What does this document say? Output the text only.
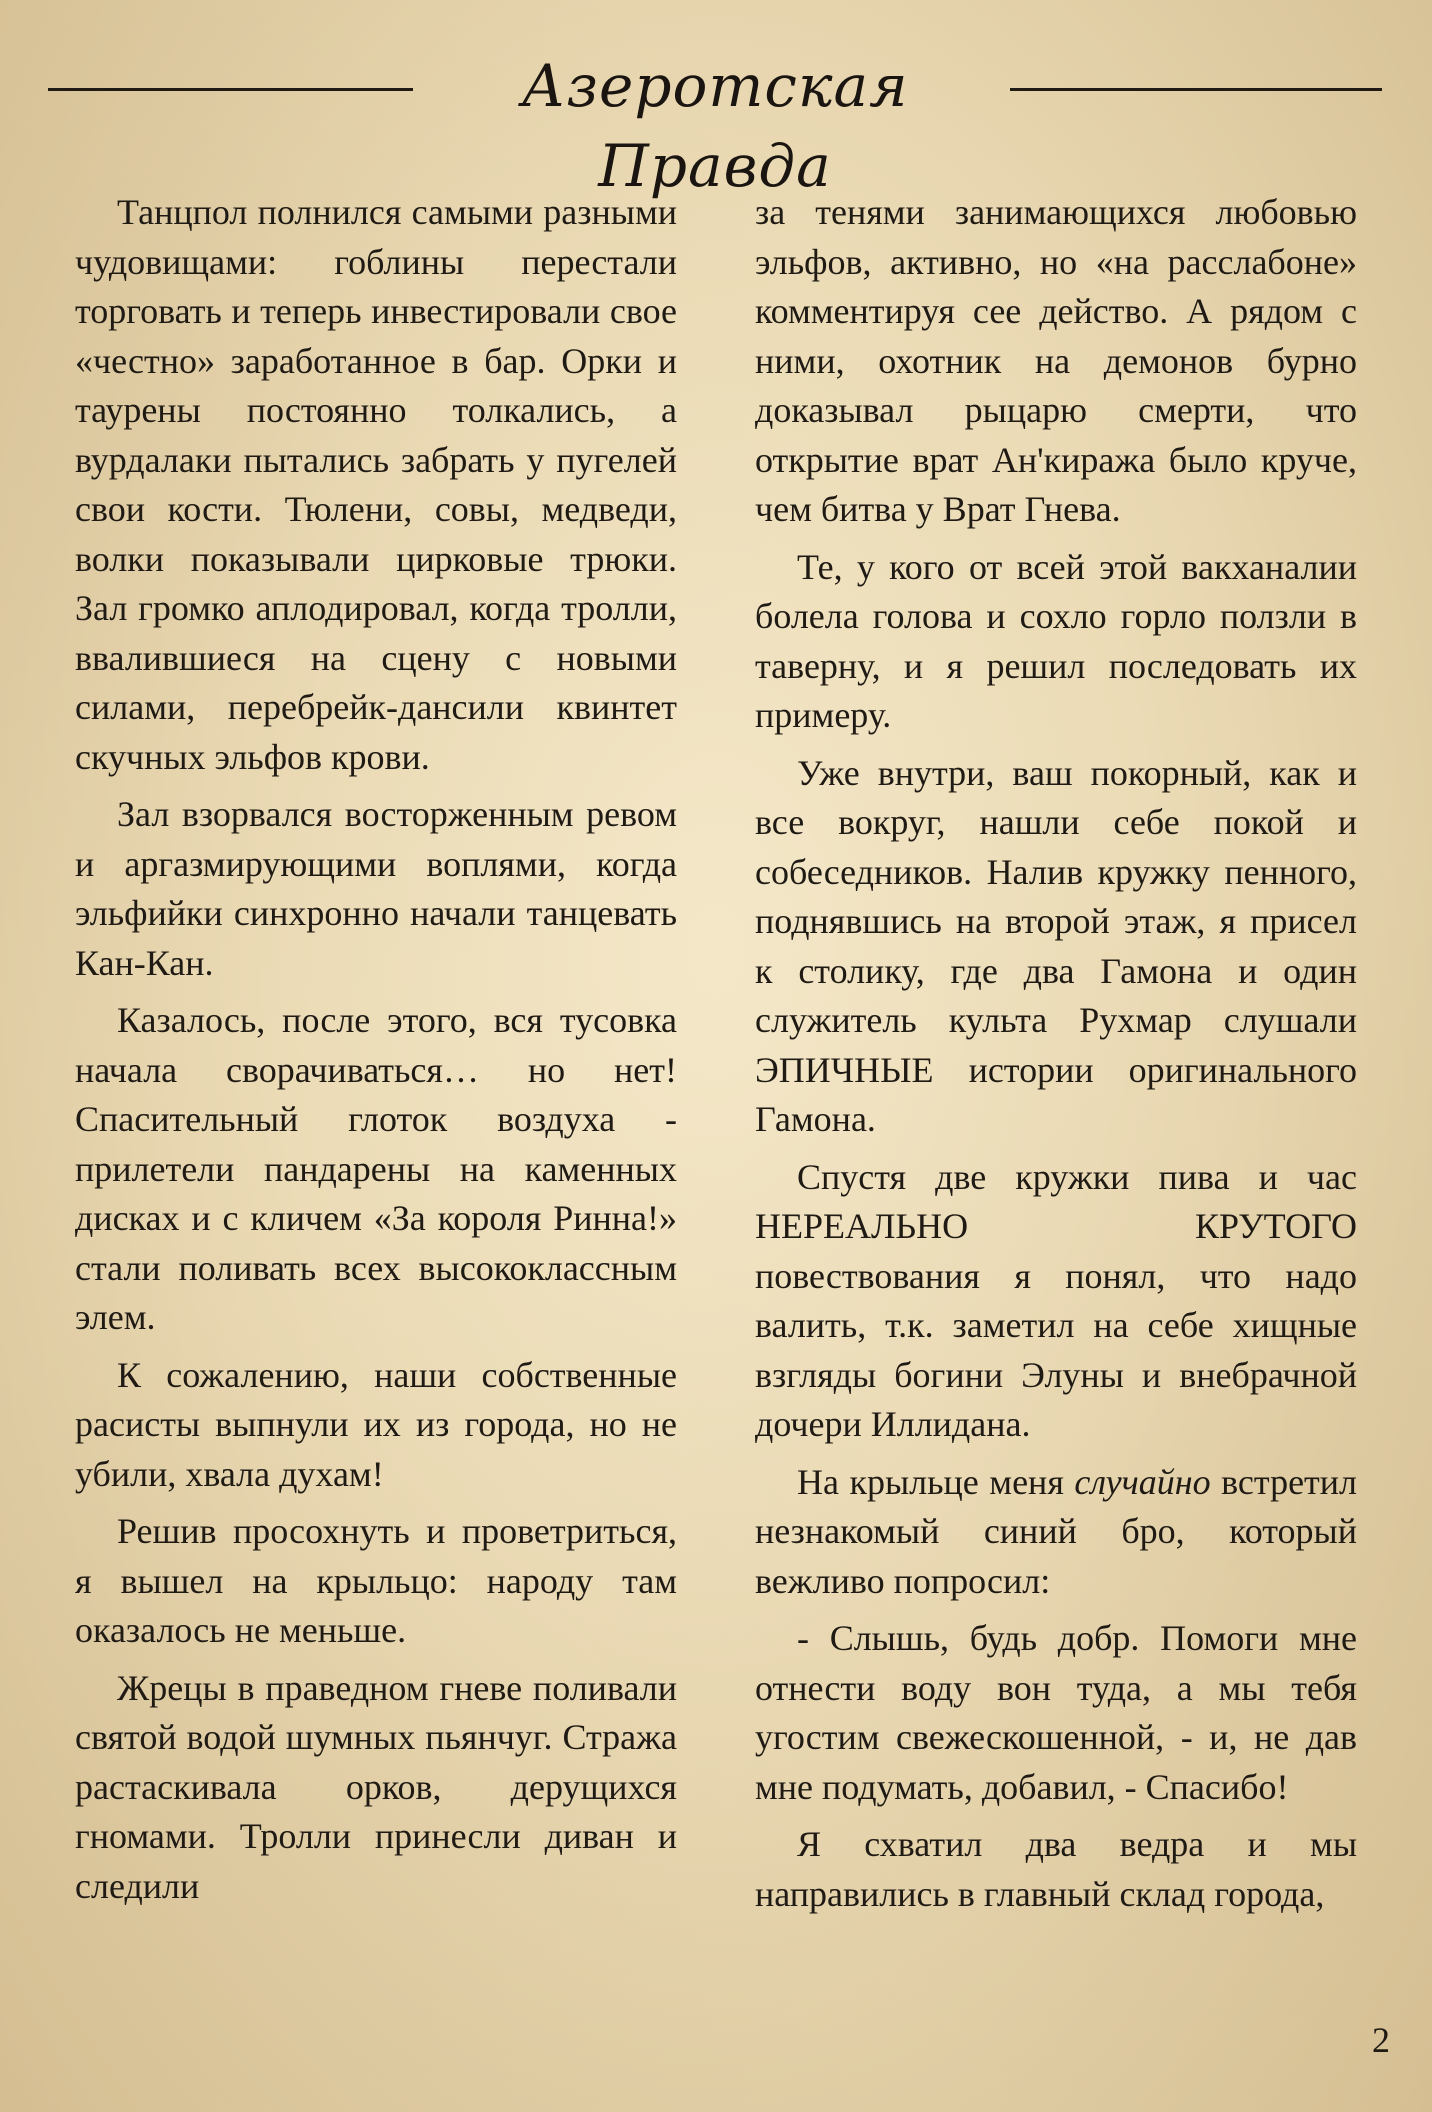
Азеротская Правда

Танцпол полнился самыми разными чудовищами: гоблины перестали торговать и теперь инвестировали свое «честно» заработанное в бар. Орки и таурены постоянно толкались, а вурдалаки пытались забрать у пугелей свои кости. Тюлени, совы, медведи, волки показывали цирковые трюки. Зал громко аплодировал, когда тролли, ввалившиеся на сцену с новыми силами, перебрейк-дансили квинтет скучных эльфов крови.

Зал взорвался восторженным ревом и аргазмирующими воплями, когда эльфийки синхронно начали танцевать Кан-Кан.

Казалось, после этого, вся тусовка начала сворачиваться… но нет! Спасительный глоток воздуха - прилетели пандарены на каменных дисках и с кличем «За короля Ринна!» стали поливать всех высококлассным элем.

К сожалению, наши собственные расисты выпнули их из города, но не убили, хвала духам!

Решив просохнуть и проветриться, я вышел на крыльцо: народу там оказалось не меньше.

Жрецы в праведном гневе поливали святой водой шумных пьянчуг. Стража растаскивала орков, дерущихся гномами. Тролли принесли диван и следили

за тенями занимающихся любовью эльфов, активно, но «на расслабоне» комментируя сее действо. А рядом с ними, охотник на демонов бурно доказывал рыцарю смерти, что открытие врат Ан'киража было круче, чем битва у Врат Гнева.

Те, у кого от всей этой вакханалии болела голова и сохло горло ползли в таверну, и я решил последовать их примеру.

Уже внутри, ваш покорный, как и все вокруг, нашли себе покой и собеседников. Налив кружку пенного, поднявшись на второй этаж, я присел к столику, где два Гамона и один служитель культа Рухмар слушали ЭПИЧНЫЕ истории оригинального Гамона.

Спустя две кружки пива и час НЕРЕАЛЬНО КРУТОГО повествования я понял, что надо валить, т.к. заметил на себе хищные взгляды богини Элуны и внебрачной дочери Иллидана.

На крыльце меня случайно встретил незнакомый синий бро, который вежливо попросил:

- Слышь, будь добр. Помоги мне отнести воду вон туда, а мы тебя угостим свежескошенной, - и, не дав мне подумать, добавил, - Спасибо!

Я схватил два ведра и мы направились в главный склад города,

2
